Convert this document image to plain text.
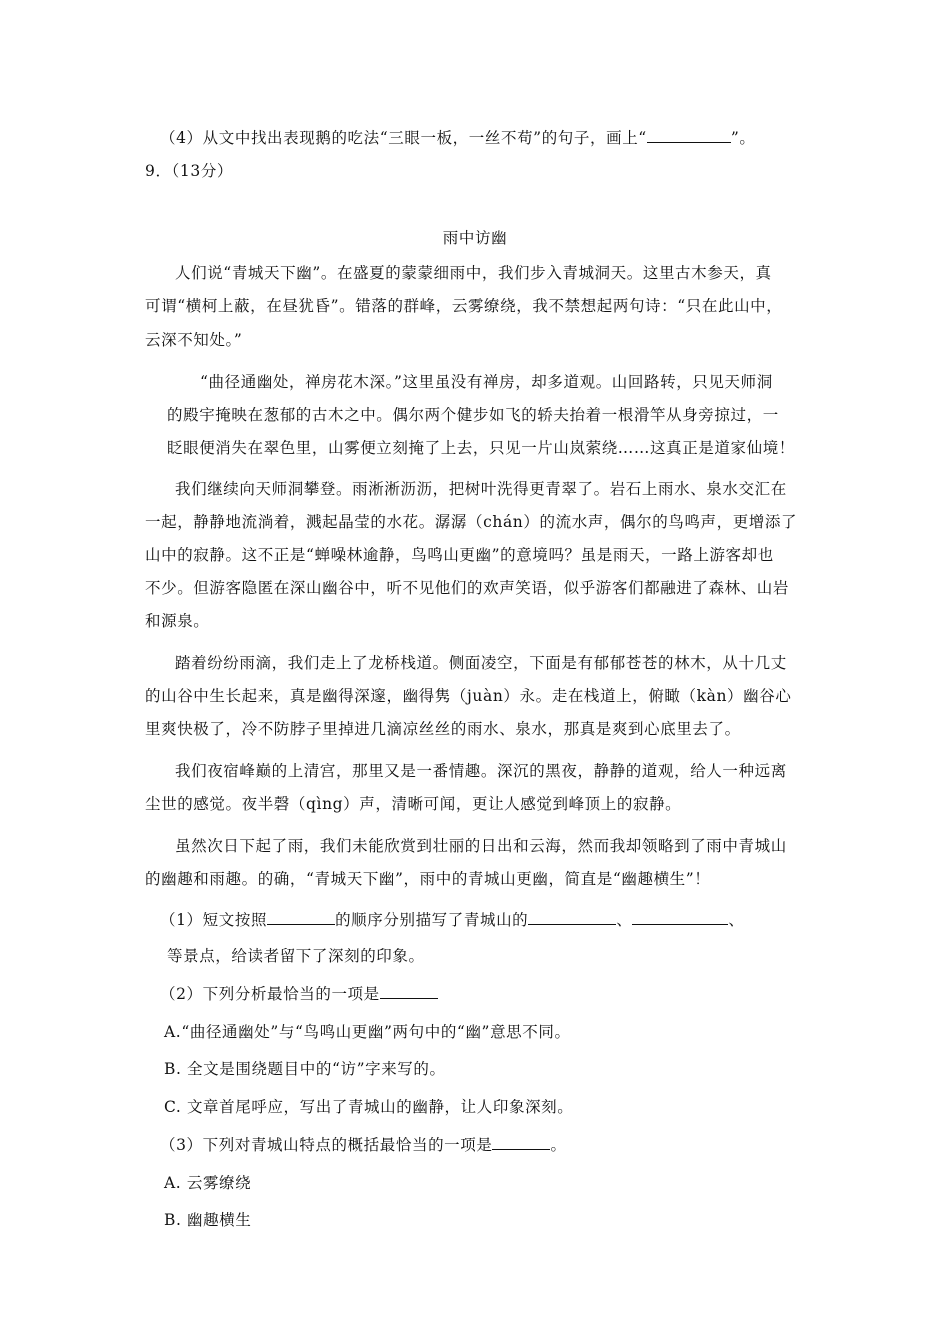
（4）从文中找出表现鹅的吃法“三眼一板，一丝不苟”的句子，画上“	”。
9．（13分）
雨中访幽
人们说“青城天下幽”。在盛夏的蒙蒙细雨中，我们步入青城洞天。这里古木参天，真
可谓“横柯上蔽，在昼犹昏”。错落的群峰，云雾缭绕，我不禁想起两句诗：“只在此山中，
云深不知处。”
“曲径通幽处，禅房花木深。”这里虽没有禅房，却多道观。山回路转，只见天师洞
的殿宇掩映在葱郁的古木之中。偶尔两个健步如飞的轿夫抬着一根滑竿从身旁掠过，一
眨眼便消失在翠色里，山雾便立刻掩了上去，只见一片山岚萦绕……这真正是道家仙境！
我们继续向天师洞攀登。雨淅淅沥沥，把树叶洗得更青翠了。岩石上雨水、泉水交汇在
一起，静静地流淌着，溅起晶莹的水花。潺潺（chán）的流水声，偶尔的鸟鸣声，更增添了
山中的寂静。这不正是“蝉噪林逾静，鸟鸣山更幽”的意境吗？虽是雨天，一路上游客却也
不少。但游客隐匿在深山幽谷中，听不见他们的欢声笑语，似乎游客们都融进了森林、山岩
和源泉。
踏着纷纷雨滴，我们走上了龙桥栈道。侧面凌空，下面是有郁郁苍苍的林木，从十几丈
的山谷中生长起来，真是幽得深邃，幽得隽（juàn）永。走在栈道上，俯瞰（kàn）幽谷心
里爽快极了，冷不防脖子里掉进几滴凉丝丝的雨水、泉水，那真是爽到心底里去了。
我们夜宿峰巅的上清宫，那里又是一番情趣。深沉的黑夜，静静的道观，给人一种远离
尘世的感觉。夜半磬（qìng）声，清晰可闻，更让人感觉到峰顶上的寂静。
虽然次日下起了雨，我们未能欣赏到壮丽的日出和云海，然而我却领略到了雨中青城山
的幽趣和雨趣。的确，“青城天下幽”，雨中的青城山更幽，简直是“幽趣横生”！
（1）短文按照	的顺序分别描写了青城山的	、	、
等景点，给读者留下了深刻的印象。
（2）下列分析最恰当的一项是
A.“曲径通幽处”与“鸟鸣山更幽”两句中的“幽”意思不同。
B. 全文是围绕题目中的“访”字来写的。
C. 文章首尾呼应，写出了青城山的幽静，让人印象深刻。
（3）下列对青城山特点的概括最恰当的一项是	。
A. 云雾缭绕
B. 幽趣横生
